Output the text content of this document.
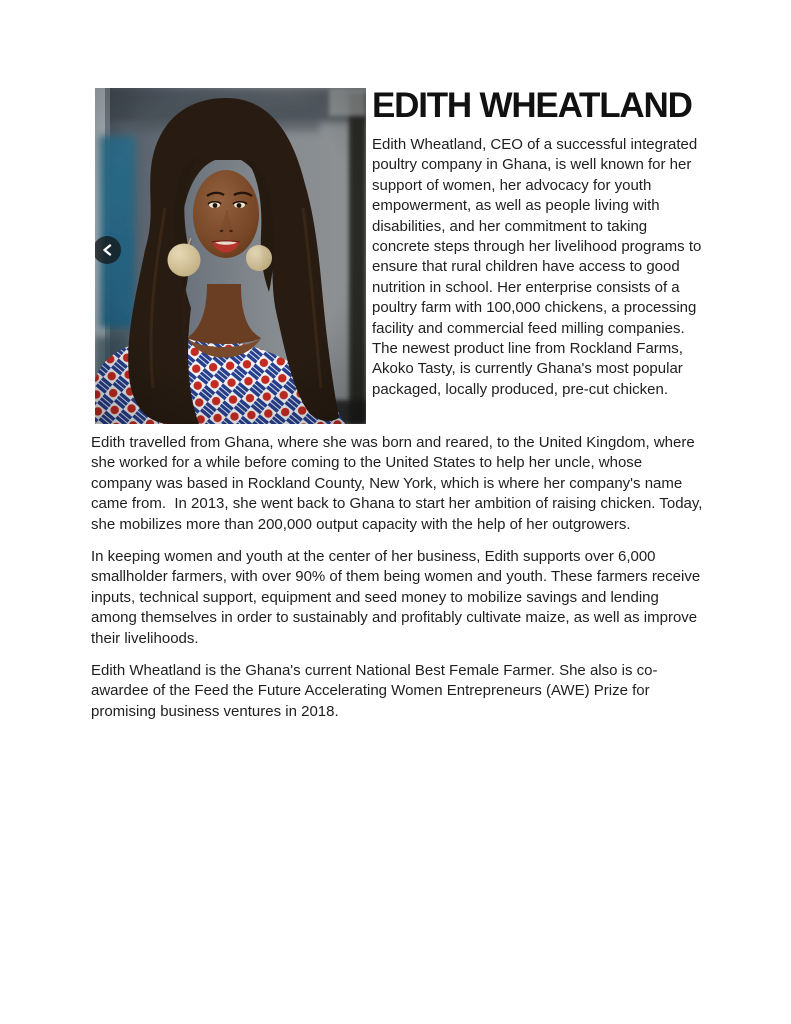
EDITH WHEATLAND

Edith Wheatland, CEO of a successful integrated poultry company in Ghana, is well known for her support of women, her advocacy for youth empowerment, as well as people living with disabilities, and her commitment to taking concrete steps through her livelihood programs to ensure that rural children have access to good nutrition in school. Her enterprise consists of a poultry farm with 100,000 chickens, a processing facility and commercial feed milling companies. The newest product line from Rockland Farms, Akoko Tasty, is currently Ghana's most popular packaged, locally produced, pre-cut chicken.

Edith travelled from Ghana, where she was born and reared, to the United Kingdom, where she worked for a while before coming to the United States to help her uncle, whose company was based in Rockland County, New York, which is where her company's name came from.  In 2013, she went back to Ghana to start her ambition of raising chicken. Today, she mobilizes more than 200,000 output capacity with the help of her outgrowers.

In keeping women and youth at the center of her business, Edith supports over 6,000 smallholder farmers, with over 90% of them being women and youth. These farmers receive inputs, technical support, equipment and seed money to mobilize savings and lending among themselves in order to sustainably and profitably cultivate maize, as well as improve their livelihoods.

Edith Wheatland is the Ghana's current National Best Female Farmer. She also is co-awardee of the Feed the Future Accelerating Women Entrepreneurs (AWE) Prize for promising business ventures in 2018.
